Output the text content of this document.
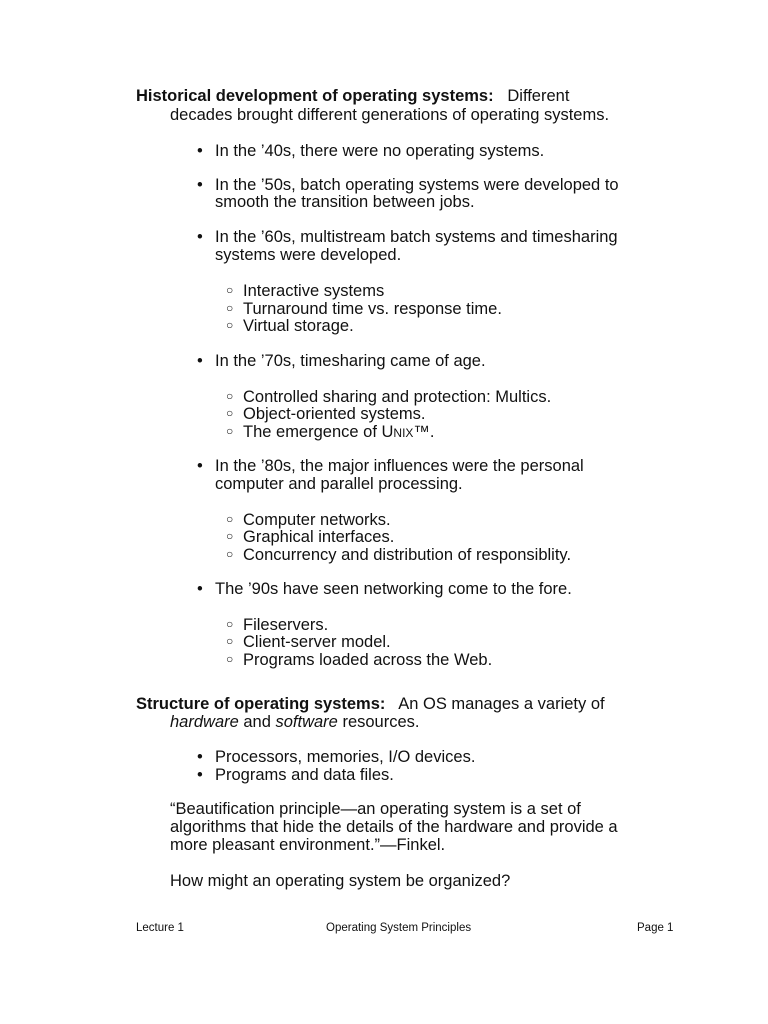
Historical development of operating systems: Different
decades brought different generations of operating systems.
• In the ’40s, there were no operating systems.
• In the ’50s, batch operating systems were developed to
smooth the transition between jobs.
• In the ’60s, multistream batch systems and timesharing
systems were developed.
○ Interactive systems
○ Turnaround time vs. response time.
○ Virtual storage.
• In the ’70s, timesharing came of age.
○ Controlled sharing and protection: Multics.
○ Object-oriented systems.
○ The emergence of Unix™.
• In the ’80s, the major influences were the personal
computer and parallel processing.
○ Computer networks.
○ Graphical interfaces.
○ Concurrency and distribution of responsiblity.
• The ’90s have seen networking come to the fore.
○ Fileservers.
○ Client-server model.
○ Programs loaded across the Web.
Structure of operating systems: An OS manages a variety of
hardware and software resources.
• Processors, memories, I/O devices.
• Programs and data files.
“Beautification principle—an operating system is a set of
algorithms that hide the details of the hardware and provide a
more pleasant environment.”—Finkel.
How might an operating system be organized?
Lecture 1	Operating System Principles	Page 1
